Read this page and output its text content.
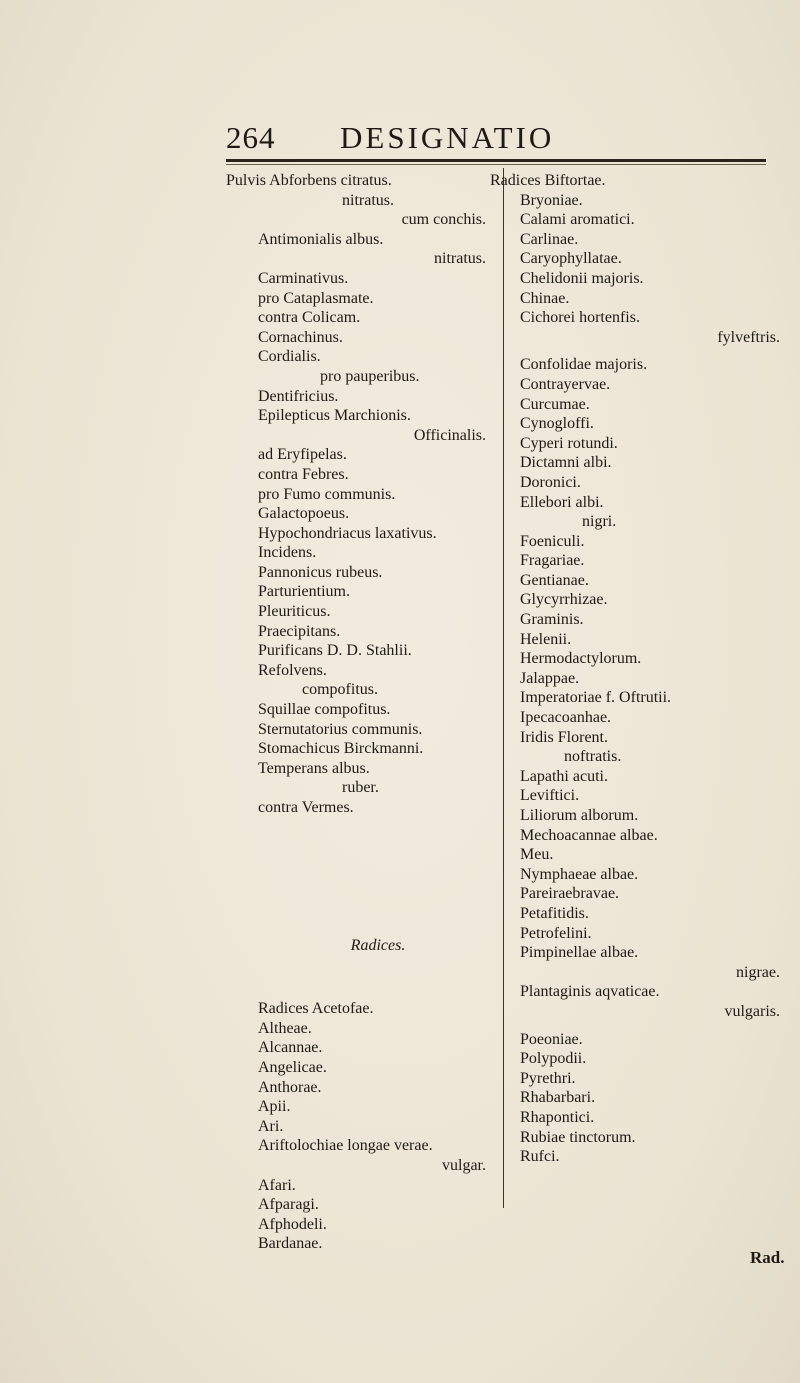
264 DESIGNATIO
Pulvis Abforbens citratus.
nitratus.
cum conchis.
Antimonialis albus.
nitratus.
Carminativus.
pro Cataplasmate.
contra Colicam.
Cornachinus.
Cordialis.
pro pauperibus.
Dentifricius.
Epilepticus Marchionis.
Officinalis.
ad Eryfipelas.
contra Febres.
pro Fumo communis.
Galactopoeus.
Hypochondriacus laxativus.
Incidens.
Pannonicus rubeus.
Parturientium.
Pleuriticus.
Praecipitans.
Purificans D. D. Stahlii.
Refolvens.
compofitus.
Squillae compofitus.
Sternutatorius communis.
Stomachicus Birckmanni.
Temperans albus.
ruber.
contra Vermes.
Radices.
Radices Acetofae.
Altheae.
Alcannae.
Angelicae.
Anthorae.
Apii.
Ari.
Ariftolochiae longae verae.
vulgar.
Afari.
Afparagi.
Afphodeli.
Bardanae.
Radices Biftortae.
Bryoniae.
Calami aromatici.
Carlinae.
Caryophyllatae.
Chelidonii majoris.
Chinae.
Cichorei hortenfis.
fylveftris.
Confolidae majoris.
Contrayervae.
Curcumae.
Cynogloffi.
Cyperi rotundi.
Dictamni albi.
Doronici.
Ellebori albi.
nigri.
Foeniculi.
Fragariae.
Gentianae.
Glycyrrhizae.
Graminis.
Helenii.
Hermodactylorum.
Jalappae.
Imperatoriae f. Oftrutii.
Ipecacoanhae.
Iridis Florent.
noftratis.
Lapathi acuti.
Leviftici.
Liliorum alborum.
Mechoacannae albae.
Meu.
Nymphaeae albae.
Pareiraebravae.
Petafitidis.
Petrofelini.
Pimpinellae albae.
nigrae.
Plantaginis aqvaticae.
vulgaris.
Poeoniae.
Polypodii.
Pyrethri.
Rhabarbari.
Rhapontici.
Rubiae tinctorum.
Rufci.
Rad.
